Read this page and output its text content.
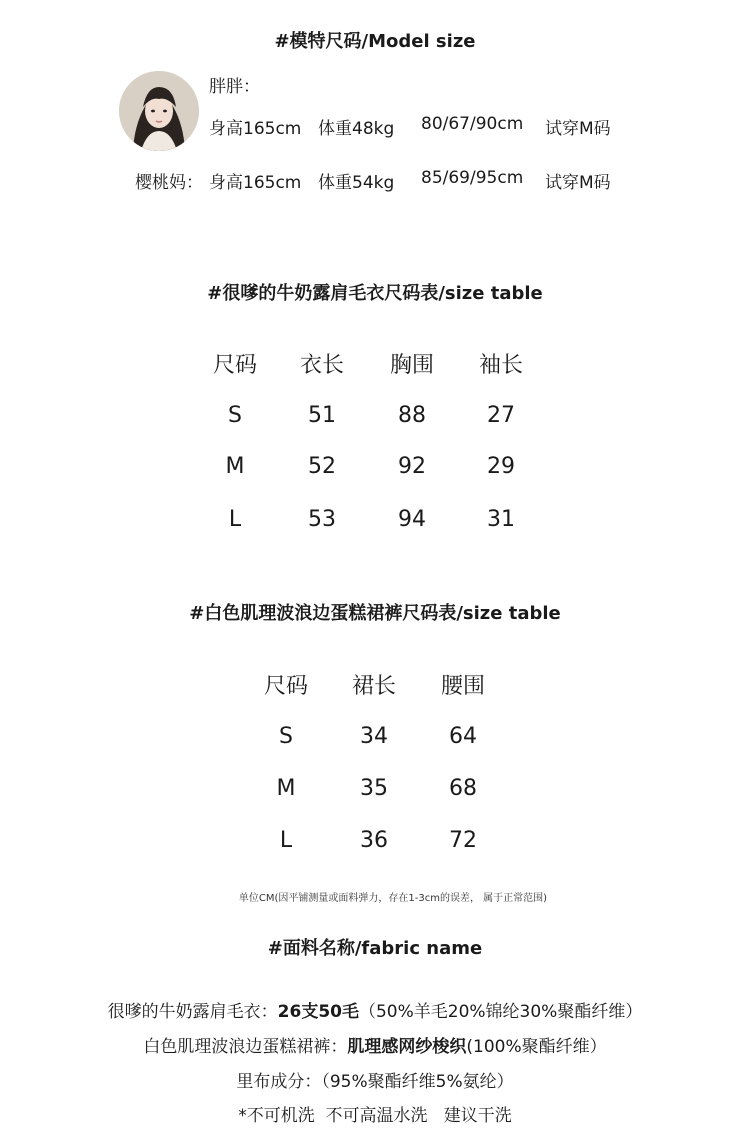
#模特尺码/Model size
胖胖：
身高165cm 体重48kg 80/67/90cm 试穿M码
樱桃妈： 身高165cm 体重54kg 85/69/95cm 试穿M码
#很嗲的牛奶露肩毛衣尺码表/size table
尺码	衣长	胸围	袖长
S	51	88	27
M	52	92	29
L	53	94	31
#白色肌理波浪边蛋糕裙裤尺码表/size table
尺码	裙长	腰围
S	34	64
M	35	68
L	36	72
单位CM(因平铺测量或面料弹力，存在1-3cm的误差， 属于正常范围)
#面料名称/fabric name
很嗲的牛奶露肩毛衣：26支50毛（50%羊毛20%锦纶30%聚酯纤维）
白色肌理波浪边蛋糕裙裤：肌理感网纱梭织(100%聚酯纤维）
里布成分：（95%聚酯纤维5%氨纶）
*不可机洗  不可高温水洗   建议干洗
